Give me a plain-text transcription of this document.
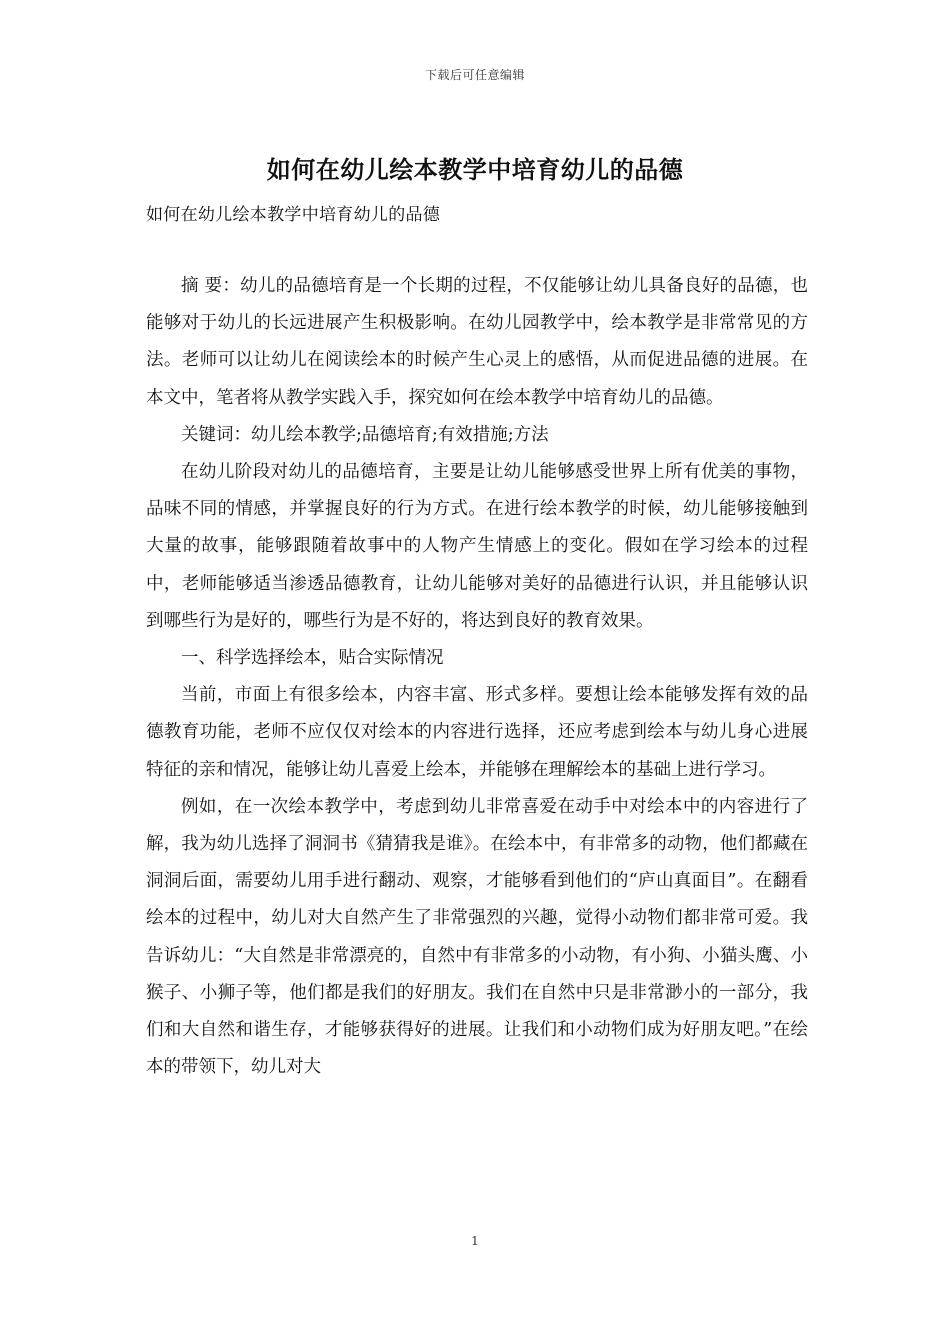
下载后可任意编辑
如何在幼儿绘本教学中培育幼儿的品德
如何在幼儿绘本教学中培育幼儿的品德

摘 要：幼儿的品德培育是一个长期的过程，不仅能够让幼儿具备良好的品德，也能够对于幼儿的长远进展产生积极影响。在幼儿园教学中，绘本教学是非常常见的方法。老师可以让幼儿在阅读绘本的时候产生心灵上的感悟，从而促进品德的进展。在本文中，笔者将从教学实践入手，探究如何在绘本教学中培育幼儿的品德。

关键词：幼儿绘本教学;品德培育;有效措施;方法

在幼儿阶段对幼儿的品德培育，主要是让幼儿能够感受世界上所有优美的事物，品味不同的情感，并掌握良好的行为方式。在进行绘本教学的时候，幼儿能够接触到大量的故事，能够跟随着故事中的人物产生情感上的变化。假如在学习绘本的过程中，老师能够适当渗透品德教育，让幼儿能够对美好的品德进行认识，并且能够认识到哪些行为是好的，哪些行为是不好的，将达到良好的教育效果。

一、科学选择绘本，贴合实际情况

当前，市面上有很多绘本，内容丰富、形式多样。要想让绘本能够发挥有效的品德教育功能，老师不应仅仅对绘本的内容进行选择，还应考虑到绘本与幼儿身心进展特征的亲和情况，能够让幼儿喜爱上绘本，并能够在理解绘本的基础上进行学习。

例如，在一次绘本教学中，考虑到幼儿非常喜爱在动手中对绘本中的内容进行了解，我为幼儿选择了洞洞书《猜猜我是谁》。在绘本中，有非常多的动物，他们都藏在洞洞后面，需要幼儿用手进行翻动、观察，才能够看到他们的“庐山真面目”。在翻看绘本的过程中，幼儿对大自然产生了非常强烈的兴趣，觉得小动物们都非常可爱。我告诉幼儿：“大自然是非常漂亮的，自然中有非常多的小动物，有小狗、小猫头鹰、小猴子、小狮子等，他们都是我们的好朋友。我们在自然中只是非常渺小的一部分，我们和大自然和谐生存，才能够获得好的进展。让我们和小动物们成为好朋友吧。”在绘本的带领下，幼儿对大

1
